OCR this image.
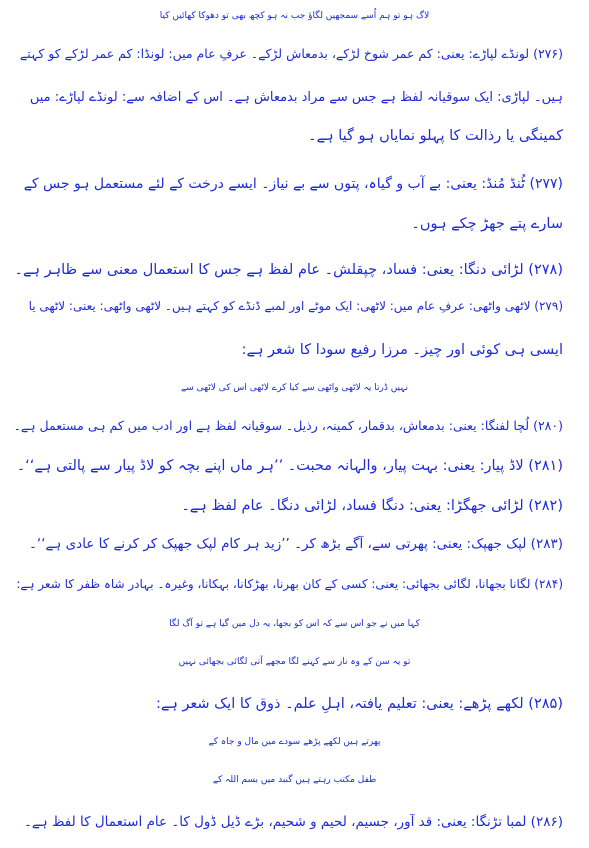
لاگ ہو تو ہم اُسے سمجھیں لگاؤ جب نہ ہو کچھ بھی تو دھوکا کھائیں کیا
(۲۷۶) لونڈے لپاڑے: یعنی: کم عمر شوخ لڑکے، بدمعاش لڑکے۔ عرفِ عام میں: لونڈا: کم عمر لڑکے کو کہتے
ہیں۔ لپاڑی: ایک سوقیانہ لفظ ہے جس سے مراد بدمعاش ہے۔ اس کے اضافہ سے: لونڈے لپاڑے: میں
کمینگی یا رذالت کا پہلو نمایاں ہو گیا ہے۔
(۲۷۷) ٹُنڈ مُنڈ: یعنی: بے آب و گیاہ، پتوں سے بے نیاز۔ ایسے درخت کے لئے مستعمل ہو جس کے
سارے پتے جھڑ چکے ہوں۔
(۲۷۸) لڑائی دنگا: یعنی: فساد، چپقلش۔ عام لفظ ہے جس کا استعمال معنی سے ظاہر ہے۔
(۲۷۹) لاٹھی واٹھی: عرفِ عام میں: لاٹھی: ایک موٹے اور لمبے ڈنڈے کو کہتے ہیں۔ لاٹھی واٹھی: یعنی: لاٹھی یا
ایسی ہی کوئی اور چیز۔ مرزا رفیع سودا کا شعر ہے:
نہیں ڈرتا یہ لاٹھی واٹھی سے کیا کرے لاٹھی اس کی لاٹھی سے
(۲۸۰) لُچا لفنگا: یعنی: بدمعاش، بدقمار، کمینہ، رذیل۔ سوقیانہ لفظ ہے اور ادب میں کم ہی مستعمل ہے۔
(۲۸۱) لاڈ پیار: یعنی: بہت پیار، والہانہ محبت۔ ’’ہر ماں اپنے بچہ کو لاڈ پیار سے پالتی ہے‘‘۔
(۲۸۲) لڑائی جھگڑا: یعنی: دنگا فساد، لڑائی دنگا۔ عام لفظ ہے۔
(۲۸۳) لپک جھپک: یعنی: پھرتی سے، آگے بڑھ کر۔ ’’زید ہر کام لپک جھپک کر کرنے کا عادی ہے‘‘۔
(۲۸۴) لگانا بجھانا، لگائی بجھائی: یعنی: کسی کے کان بھرنا، بھڑکانا، بہکانا، وغیرہ۔ بہادر شاہ ظفر کا شعر ہے:
کہا میں نے جو اس سے کہ اس کو بجھا، یہ دل میں گیا ہے تو آگ لگا
تو یہ سن کے وہ ناز سے کہنے لگا مجھے آتی لگائی بجھائی نہیں
(۲۸۵) لکھے پڑھے: یعنی: تعلیم یافتہ، اہلِ علم۔ ذوق کا ایک شعر ہے:
پھرتے ہیں لکھے پڑھے سودے میں مال و جاہ کے
طفل مکتب رہتے ہیں گنبد میں بسم اللہ کے
(۲۸۶) لمبا تڑنگا: یعنی: قد آور، جسیم، لحیم و شحیم، بڑے ڈیل ڈول کا۔ عام استعمال کا لفظ ہے۔
